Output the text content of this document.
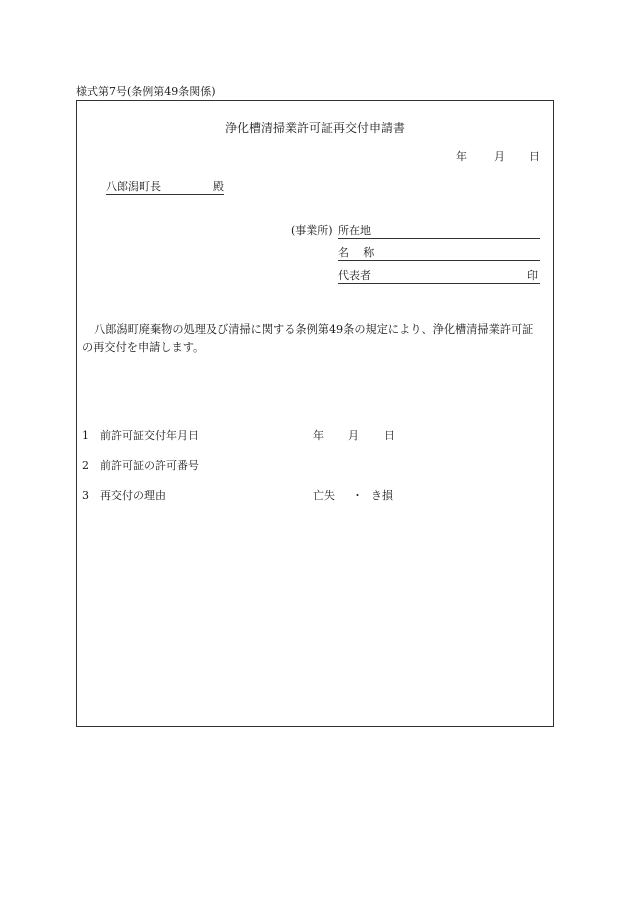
様式第7号(条例第49条関係)
浄化槽清掃業許可証再交付申請書
年 月 日
八郎潟町長	殿
(事業所) 所在地
名称
代表者	印
八郎潟町廃棄物の処理及び清掃に関する条例第49条の規定により、浄化槽清掃業許可証の再交付を申請します。
1 前許可証交付年月日	年 月 日
2 前許可証の許可番号
3 再交付の理由	亡失 ・ き損
